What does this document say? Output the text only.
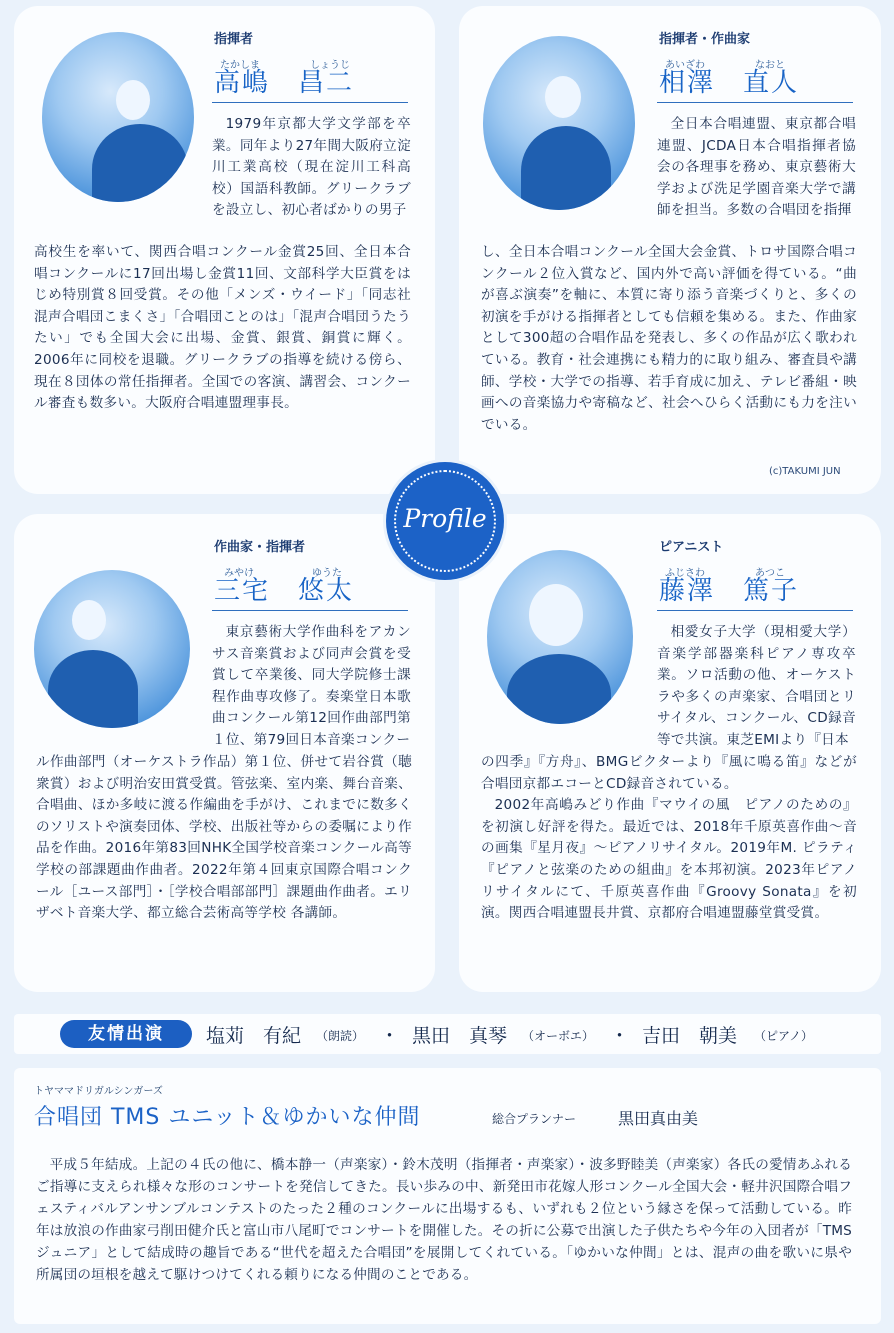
指揮者
たかしま	しょうじ
高嶋　昌二

1979年京都大学文学部を卒業。同年より27年間大阪府立淀川工業高校（現在淀川工科高校）国語科教師。グリークラブを設立し、初心者ばかりの男子

高校生を率いて、関西合唱コンクール金賞25回、全日本合唱コンクールに17回出場し金賞11回、文部科学大臣賞をはじめ特別賞８回受賞。その他「メンズ・ウイード」「同志社混声合唱団こまくさ」「合唱団ことのは」「混声合唱団うたうたい」でも全国大会に出場、金賞、銀賞、銅賞に輝く。2006年に同校を退職。グリークラブの指導を続ける傍ら、現在８団体の常任指揮者。全国での客演、講習会、コンクール審査も数多い。大阪府合唱連盟理事長。

指揮者・作曲家
あいざわ	なおと
相澤　直人

全日本合唱連盟、東京都合唱連盟、JCDA日本合唱指揮者協会の各理事を務め、東京藝術大学および洗足学園音楽大学で講師を担当。多数の合唱団を指揮

し、全日本合唱コンクール全国大会金賞、トロサ国際合唱コンクール２位入賞など、国内外で高い評価を得ている。“曲が喜ぶ演奏”を軸に、本質に寄り添う音楽づくりと、多くの初演を手がける指揮者としても信頼を集める。また、作曲家として300超の合唱作品を発表し、多くの作品が広く歌われている。教育・社会連携にも精力的に取り組み、審査員や講師、学校・大学での指導、若手育成に加え、テレビ番組・映画への音楽協力や寄稿など、社会へひらく活動にも力を注いでいる。

(c)TAKUMI JUN
作曲家・指揮者
みやけ	ゆうた
三宅　悠太

東京藝術大学作曲科をアカンサス音楽賞および同声会賞を受賞して卒業後、同大学院修士課程作曲専攻修了。奏楽堂日本歌曲コンクール第12回作曲部門第１位、第79回日本音楽コンクー

ル作曲部門（オーケストラ作品）第１位、併せて岩谷賞（聴衆賞）および明治安田賞受賞。管弦楽、室内楽、舞台音楽、合唱曲、ほか多岐に渡る作編曲を手がけ、これまでに数多くのソリストや演奏団体、学校、出版社等からの委嘱により作品を作曲。2016年第83回NHK全国学校音楽コンクール高等学校の部課題曲作曲者。2022年第４回東京国際合唱コンクール［ユース部門］・［学校合唱部部門］課題曲作曲者。エリザベト音楽大学、都立総合芸術高等学校 各講師。

ピアニスト
ふじさわ	あつこ
藤澤　篤子

相愛女子大学（現相愛大学）音楽学部器楽科ピアノ専攻卒業。ソロ活動の他、オーケストラや多くの声楽家、合唱団とリサイタル、コンクール、CD録音等で共演。東芝EMIより『日本

の四季』『方舟』、BMGビクターより『風に鳴る笛』などが合唱団京都エコーとCD録音されている。

2002年高嶋みどり作曲『マウイの風　ピアノのための』を初演し好評を得た。最近では、2018年千原英喜作曲～音の画集『星月夜』～ピアノリサイタル。2019年M. ピラティ『ピアノと弦楽のための組曲』を本邦初演。2023年ピアノリサイタルにて、千原英喜作曲『Groovy Sonata』を初演。関西合唱連盟長井賞、京都府合唱連盟藤堂賞受賞。

Profile
友情出演	塩苅　有紀 （朗読） ・ 黒田　真琴 （オーボエ） ・ 吉田　朝美 （ピアノ）
トヤママドリガルシンガーズ
合唱団 TMS ユニット＆ゆかいな仲間	総合プランナー	黒田真由美

平成５年結成。上記の４氏の他に、橋本静一（声楽家）・鈴木茂明（指揮者・声楽家）・波多野睦美（声楽家）各氏の愛情あふれるご指導に支えられ様々な形のコンサートを発信してきた。長い歩みの中、新発田市花嫁人形コンクール全国大会・軽井沢国際合唱フェスティバルアンサンブルコンテストのたった２種のコンクールに出場するも、いずれも２位という縁さを保って活動している。昨年は放浪の作曲家弓削田健介氏と富山市八尾町でコンサートを開催した。その折に公募で出演した子供たちや今年の入団者が「TMS ジュニア」として結成時の趣旨である“世代を超えた合唱団”を展開してくれている。「ゆかいな仲間」とは、混声の曲を歌いに県や所属団の垣根を越えて駆けつけてくれる頼りになる仲間のことである。
